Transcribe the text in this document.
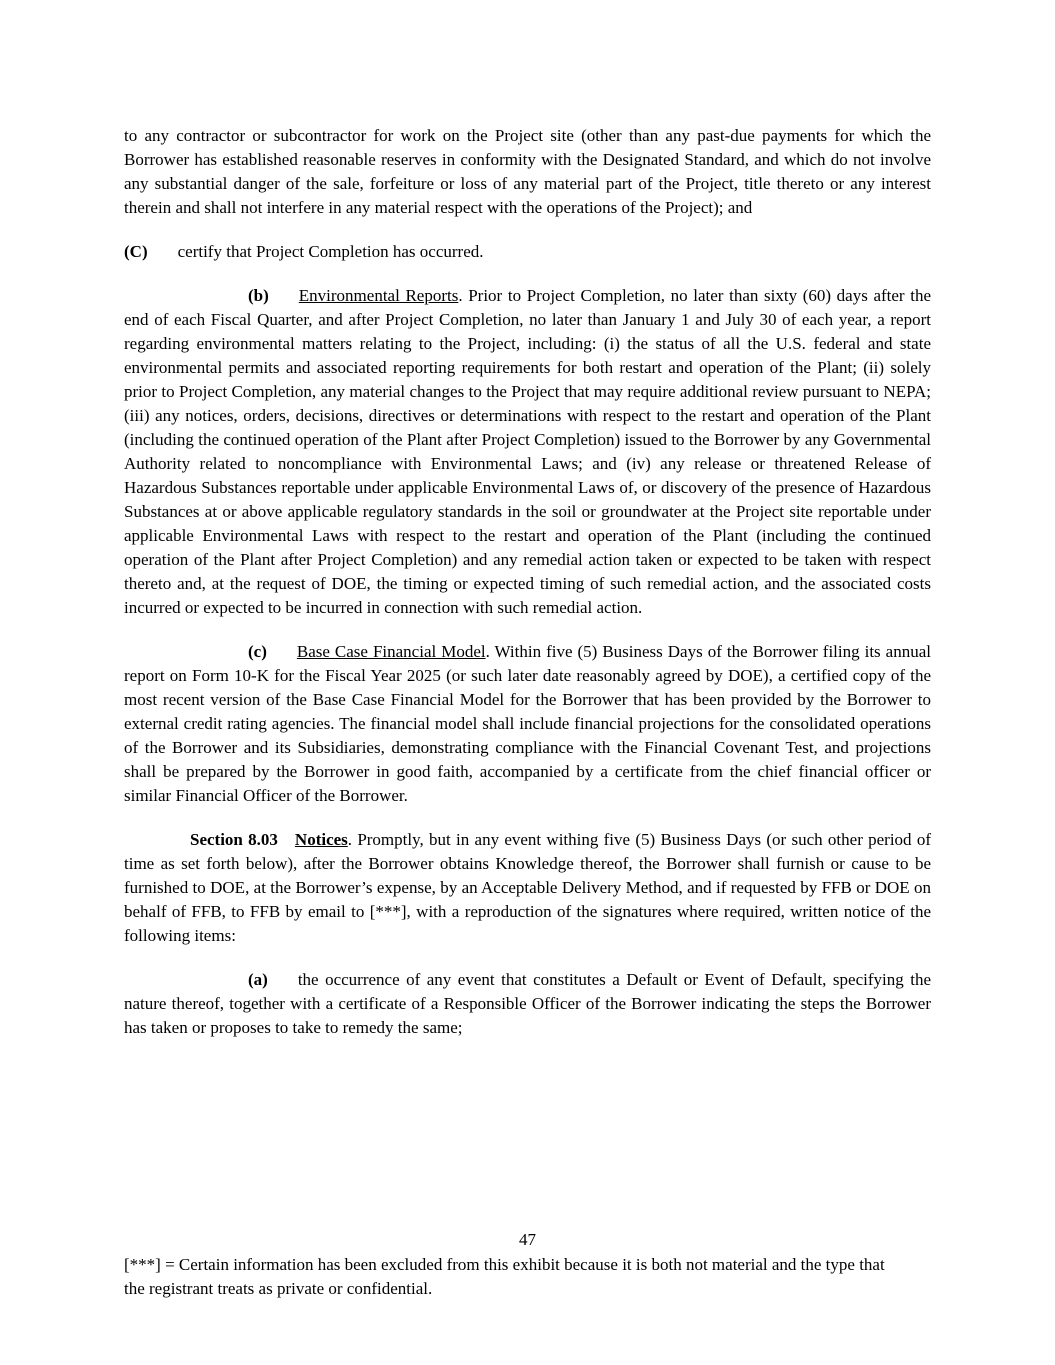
to any contractor or subcontractor for work on the Project site (other than any past-due payments for which the Borrower has established reasonable reserves in conformity with the Designated Standard, and which do not involve any substantial danger of the sale, forfeiture or loss of any material part of the Project, title thereto or any interest therein and shall not interfere in any material respect with the operations of the Project); and

(C) certify that Project Completion has occurred.

(b) Environmental Reports. Prior to Project Completion, no later than sixty (60) days after the end of each Fiscal Quarter, and after Project Completion, no later than January 1 and July 30 of each year, a report regarding environmental matters relating to the Project, including: (i) the status of all the U.S. federal and state environmental permits and associated reporting requirements for both restart and operation of the Plant; (ii) solely prior to Project Completion, any material changes to the Project that may require additional review pursuant to NEPA; (iii) any notices, orders, decisions, directives or determinations with respect to the restart and operation of the Plant (including the continued operation of the Plant after Project Completion) issued to the Borrower by any Governmental Authority related to noncompliance with Environmental Laws; and (iv) any release or threatened Release of Hazardous Substances reportable under applicable Environmental Laws of, or discovery of the presence of Hazardous Substances at or above applicable regulatory standards in the soil or groundwater at the Project site reportable under applicable Environmental Laws with respect to the restart and operation of the Plant (including the continued operation of the Plant after Project Completion) and any remedial action taken or expected to be taken with respect thereto and, at the request of DOE, the timing or expected timing of such remedial action, and the associated costs incurred or expected to be incurred in connection with such remedial action.

(c) Base Case Financial Model. Within five (5) Business Days of the Borrower filing its annual report on Form 10-K for the Fiscal Year 2025 (or such later date reasonably agreed by DOE), a certified copy of the most recent version of the Base Case Financial Model for the Borrower that has been provided by the Borrower to external credit rating agencies. The financial model shall include financial projections for the consolidated operations of the Borrower and its Subsidiaries, demonstrating compliance with the Financial Covenant Test, and projections shall be prepared by the Borrower in good faith, accompanied by a certificate from the chief financial officer or similar Financial Officer of the Borrower.

Section 8.03 Notices. Promptly, but in any event withing five (5) Business Days (or such other period of time as set forth below), after the Borrower obtains Knowledge thereof, the Borrower shall furnish or cause to be furnished to DOE, at the Borrower’s expense, by an Acceptable Delivery Method, and if requested by FFB or DOE on behalf of FFB, to FFB by email to [***], with a reproduction of the signatures where required, written notice of the following items:

(a) the occurrence of any event that constitutes a Default or Event of Default, specifying the nature thereof, together with a certificate of a Responsible Officer of the Borrower indicating the steps the Borrower has taken or proposes to take to remedy the same;

47
[***] = Certain information has been excluded from this exhibit because it is both not material and the type that the registrant treats as private or confidential.
